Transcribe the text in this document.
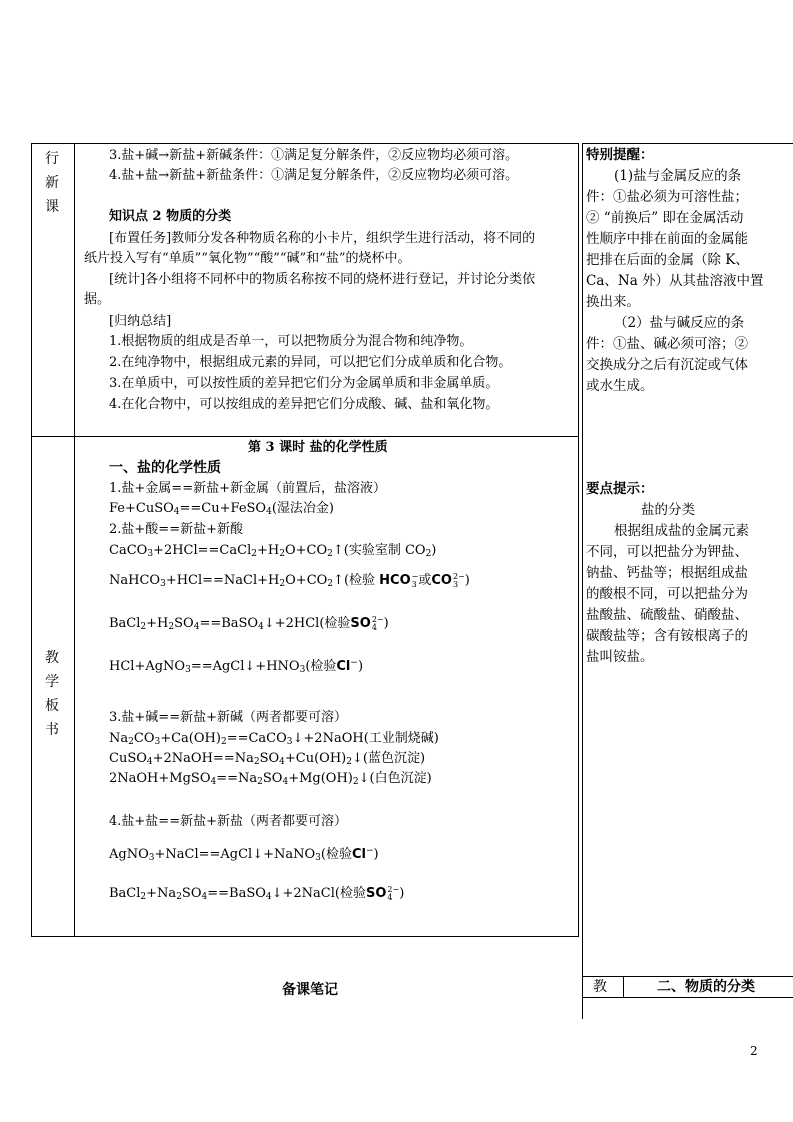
行
新
课
教
学
板
书
3.盐+碱→新盐+新碱条件：①满足复分解条件，②反应物均必须可溶。
4.盐+盐→新盐+新盐条件：①满足复分解条件，②反应物均必须可溶。
知识点 2 物质的分类
[布置任务]教师分发各种物质名称的小卡片，组织学生进行活动，将不同的
纸片投入写有“单质”“氧化物”“酸”“碱”和“盐”的烧杯中。
[统计]各小组将不同杯中的物质名称按不同的烧杯进行登记，并讨论分类依
据。
[归纳总结]
1.根据物质的组成是否单一，可以把物质分为混合物和纯净物。
2.在纯净物中，根据组成元素的异同，可以把它们分成单质和化合物。
3.在单质中，可以按性质的差异把它们分为金属单质和非金属单质。
4.在化合物中，可以按组成的差异把它们分成酸、碱、盐和氧化物。
第 3 课时 盐的化学性质
一、盐的化学性质
1.盐+金属==新盐+新金属（前置后，盐溶液）
Fe+CuSO$_4$==Cu+FeSO$_4$(湿法冶金)
2.盐+酸==新盐+新酸
$CaCO_3+2HCl==CaCl_2+H_2O+CO_2↑$(实验室制 $CO_2$)
$NaHCO_3+HCl==NaCl+H_2O+CO_2↑$(检验 HCO −
3 或CO 2−
3 )
$BaCl_2+H_2SO_4==BaSO_4↓+2HCl$(检验SO 2−
4 )
$HCl+AgNO_3==AgCl↓+HNO_3$(检验Cl−)
3.盐+碱==新盐+新碱（两者都要可溶）
$Na_2CO_3+Ca(OH)_2==CaCO_3↓+2NaOH$(工业制烧碱)
$CuSO_4+2NaOH==Na_2SO_4+Cu(OH)_2↓$(蓝色沉淀)
$2NaOH+MgSO_4==Na_2SO_4+Mg(OH)_2↓$(白色沉淀)
4.盐+盐==新盐+新盐（两者都要可溶）
AgNO$_3$+NaCl==AgCl↓+NaNO$_3$(检验Cl−)
$BaCl_2+Na_2SO_4==BaSO_4↓+2NaCl$(检验SO 2−
4 )
特别提醒：
(1)盐与金属反应的条
件：①盐必须为可溶性盐；
② “前换后” 即在金属活动
性顺序中排在前面的金属能
把排在后面的金属（除 K、
Ca、Na 外）从其盐溶液中置
换出来。
（2）盐与碱反应的条
件：①盐、碱必须可溶；②
交换成分之后有沉淀或气体
或水生成。
要点提示：
盐的分类
根据组成盐的金属元素
不同，可以把盐分为钾盐、
钠盐、钙盐等；根据组成盐
的酸根不同，可以把盐分为
盐酸盐、硫酸盐、硝酸盐、
碳酸盐等；含有铵根离子的
盐叫铵盐。
备课笔记	教	二、物质的分类
2
